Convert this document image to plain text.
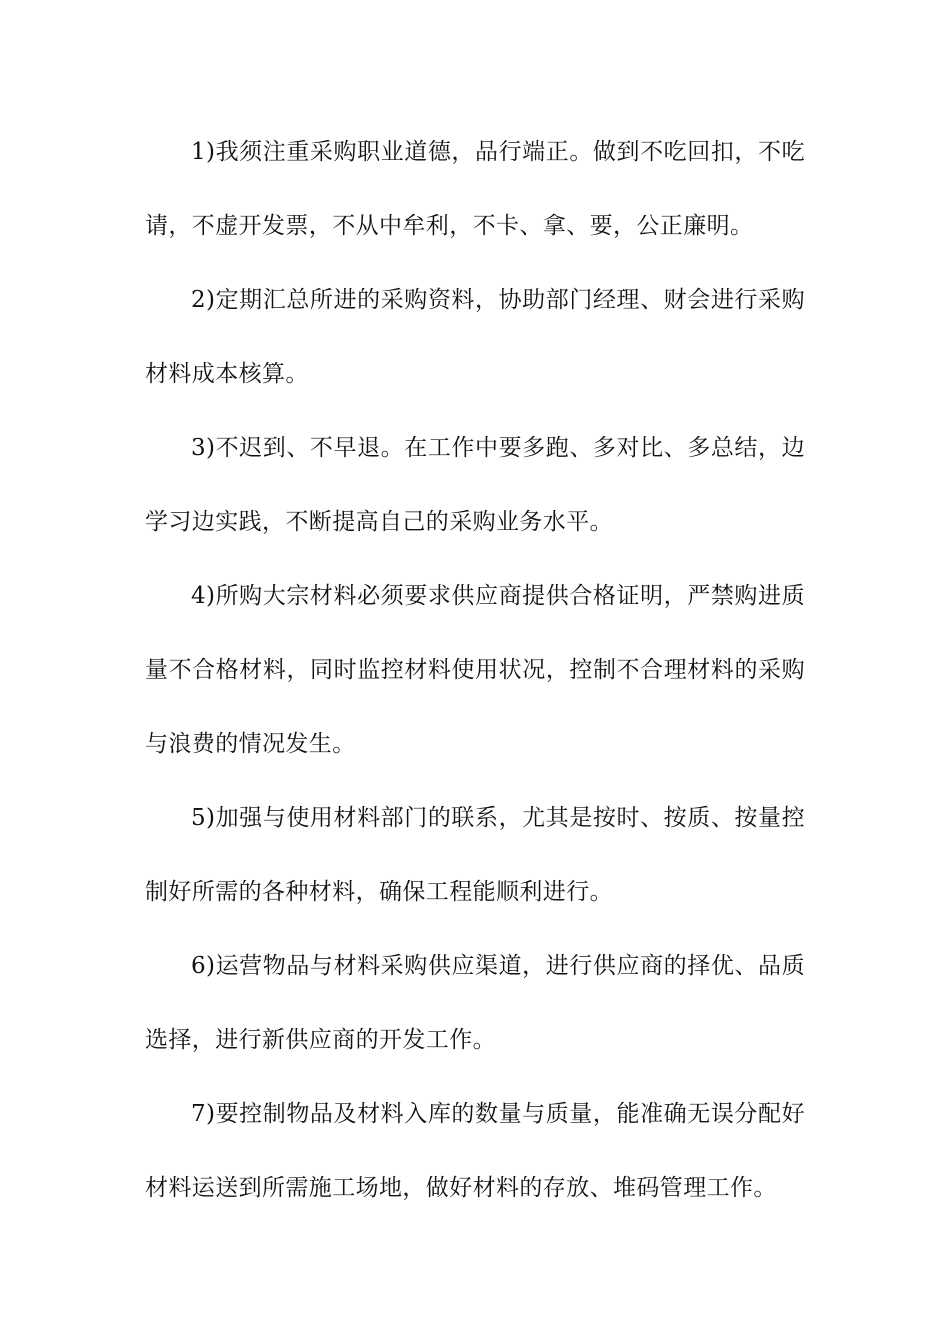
1)我须注重采购职业道德，品行端正。做到不吃回扣，不吃请，不虚开发票，不从中牟利，不卡、拿、要，公正廉明。

2)定期汇总所进的采购资料，协助部门经理、财会进行采购材料成本核算。

3)不迟到、不早退。在工作中要多跑、多对比、多总结，边学习边实践，不断提高自己的采购业务水平。

4)所购大宗材料必须要求供应商提供合格证明，严禁购进质量不合格材料，同时监控材料使用状况，控制不合理材料的采购与浪费的情况发生。

5)加强与使用材料部门的联系，尤其是按时、按质、按量控制好所需的各种材料，确保工程能顺利进行。

6)运营物品与材料采购供应渠道，进行供应商的择优、品质选择，进行新供应商的开发工作。

7)要控制物品及材料入库的数量与质量，能准确无误分配好材料运送到所需施工场地，做好材料的存放、堆码管理工作。
